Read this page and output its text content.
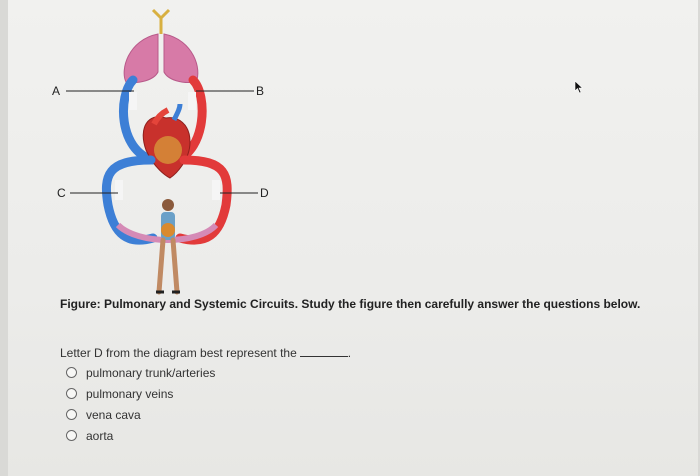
A	B
C	D
Figure: Pulmonary and Systemic Circuits. Study the figure then carefully answer the questions below.
Letter D from the diagram best represent the	.
pulmonary trunk/arteries
pulmonary veins
vena cava
aorta
